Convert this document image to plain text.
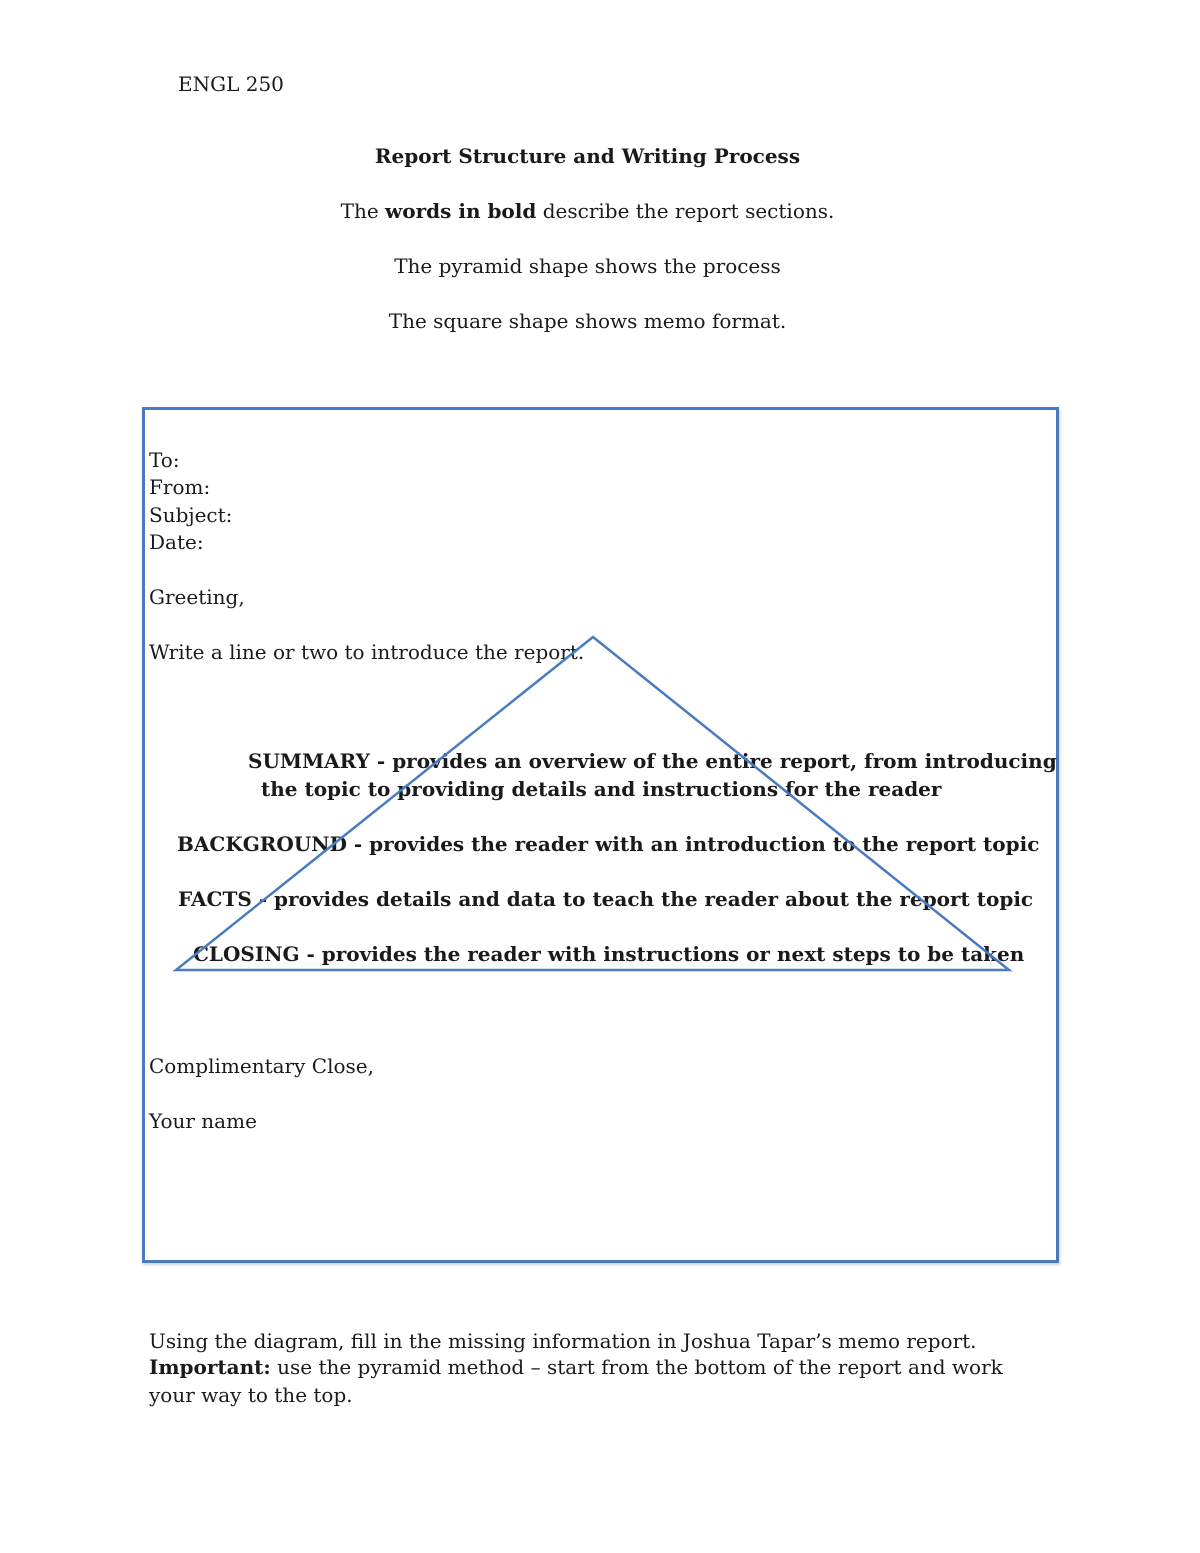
ENGL 250
Report Structure and Writing Process
The words in bold describe the report sections.
The pyramid shape shows the process
The square shape shows memo format.
To:
From:
Subject:
Date:
Greeting,
Write a line or two to introduce the report.
SUMMARY - provides an overview of the entire report, from introducing
the topic to providing details and instructions for the reader
BACKGROUND - provides the reader with an introduction to the report topic
FACTS - provides details and data to teach the reader about the report topic
CLOSING - provides the reader with instructions or next steps to be taken
Complimentary Close,
Your name
Using the diagram, fill in the missing information in Joshua Tapar’s memo report.
Important: use the pyramid method – start from the bottom of the report and work
your way to the top.
